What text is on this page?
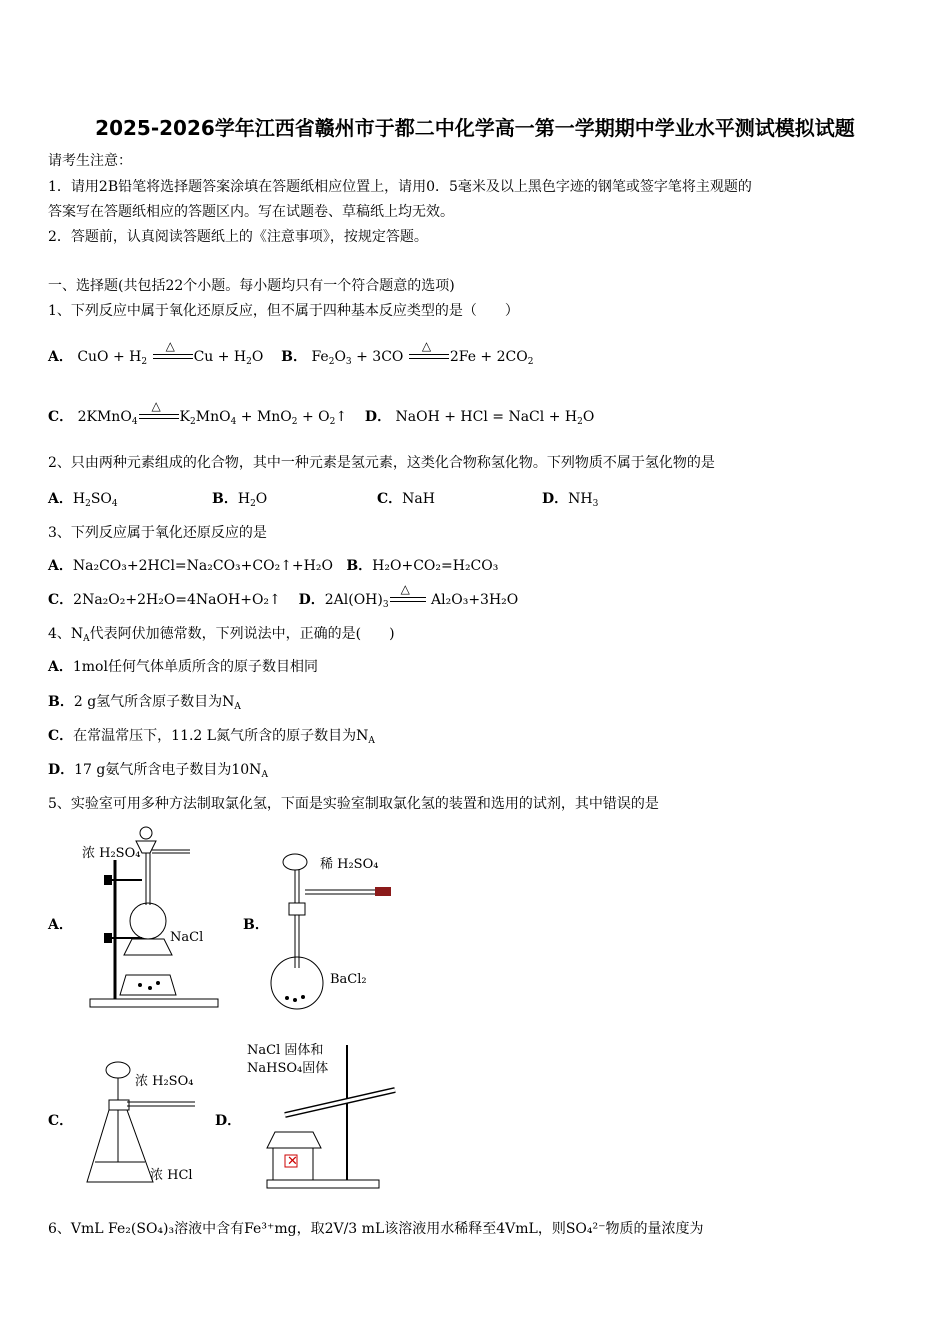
2025-2026学年江西省赣州市于都二中化学高一第一学期期中学业水平测试模拟试题
请考生注意：
1．请用2B铅笔将选择题答案涂填在答题纸相应位置上，请用0．5毫米及以上黑色字迹的钢笔或签字笔将主观题的
答案写在答题纸相应的答题区内。写在试题卷、草稿纸上均无效。
2．答题前，认真阅读答题纸上的《注意事项》，按规定答题。
一、选择题(共包括22个小题。每小题均只有一个符合题意的选项)
1、下列反应中属于氧化还原反应，但不属于四种基本反应类型的是（　　）
A． CuO + $H_2$
△
$Cu + H_2O$ B． $Fe_2O_3 + 3CO$
△
$2Fe + 2CO_2$
C． 2KMnO$_4$
△
$K_2MnO_4 + MnO_2$ + $O_2↑$ D． NaOH + HCl = NaCl + $H_2O$
2、只由两种元素组成的化合物，其中一种元素是氢元素，这类化合物称氢化物。下列物质不属于氢化物的是
A．$H_2SO_4$	B．$H_2O$	C．NaH	D．$NH_3$
3、下列反应属于氧化还原反应的是
A．Na₂CO₃+2HCl=Na₂CO₃+CO₂↑+H₂O B．H₂O+CO₂=H₂CO₃
C．2Na₂O₂+2H₂O=4NaOH+O₂↑ D．$2Al(OH)_3$
△
Al₂O₃+3H₂O
4、$N_A$代表阿伏加德常数，下列说法中，正确的是(　　)
A．1mol任何气体单质所含的原子数目相同
B．2 g氢气所含原子数目为$N_A$
C．在常温常压下，11.2 L氮气所含的原子数目为$N_A$
D．17 g氨气所含电子数目为$10N_A$
5、实验室可用多种方法制取氯化氢，下面是实验室制取氯化氢的装置和选用的试剂，其中错误的是
A．
浓 H₂SO₄
NaCl
B．
稀 H₂SO₄
BaCl₂
C．
浓 H₂SO₄
浓 HCl
D．
NaCl 固体和
NaHSO₄固体
✕
6、VmL Fe₂(SO₄)₃溶液中含有Fe³⁺mg，取2V/3 mL该溶液用水稀释至4VmL，则SO₄²⁻物质的量浓度为
